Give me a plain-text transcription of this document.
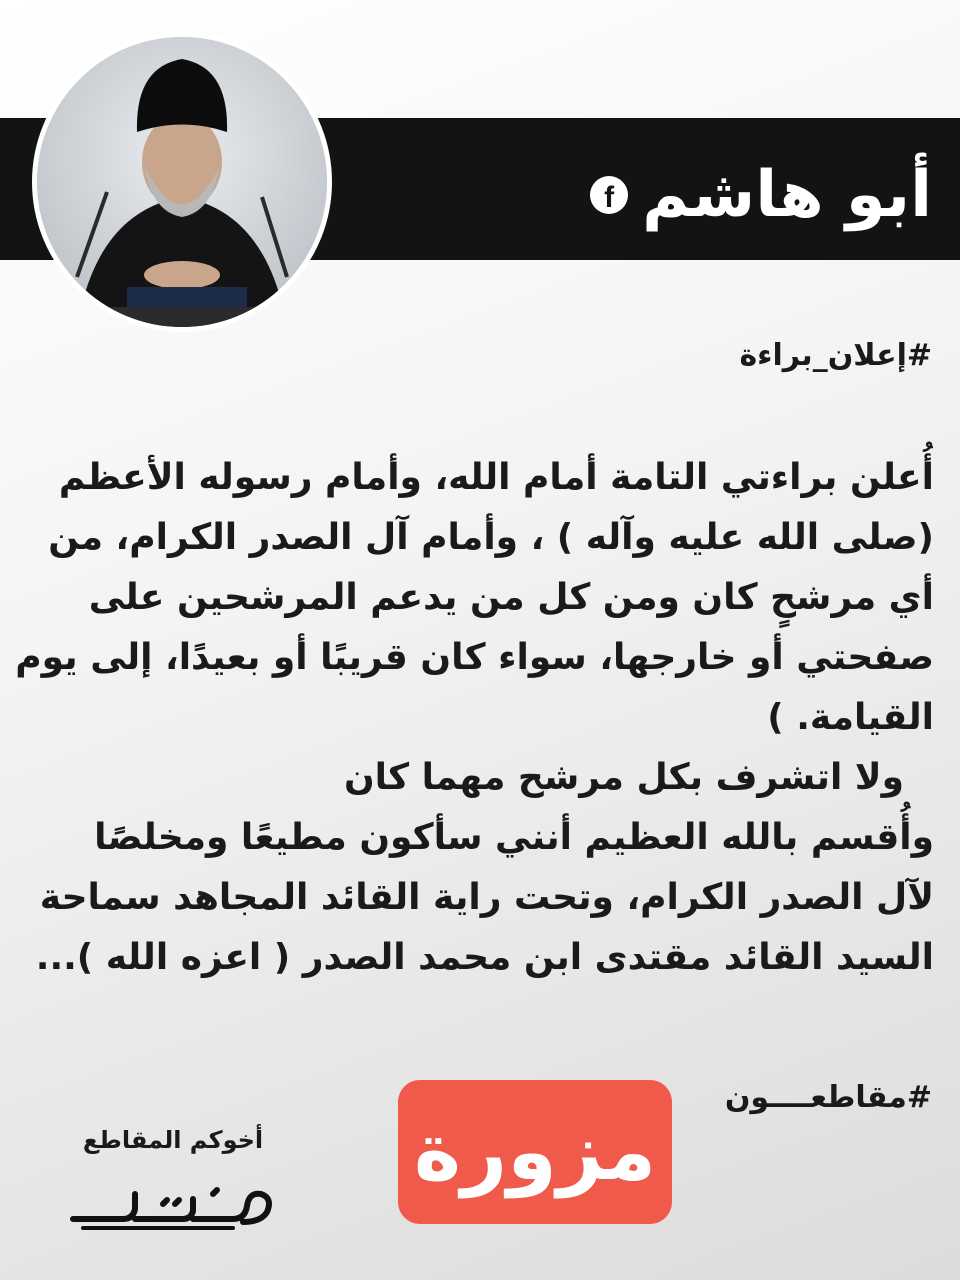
أبو هاشم
f
#إعلان_براءة

أُعلن براءتي التامة أمام الله، وأمام رسوله الأعظم

(صلى الله عليه وآله ) ، وأمام آل الصدر الكرام، من

أي مرشحٍ كان ومن كل من يدعم المرشحين على

صفحتي أو خارجها، سواء كان قريبًا أو بعيدًا، إلى يوم

القيامة. )

ولا اتشرف بكل مرشح مهما كان

وأُقسم بالله العظيم أنني سأكون مطيعًا ومخلصًا

لآل الصدر الكرام، وتحت راية القائد المجاهد سماحة

السيد القائد مقتدى ابن محمد الصدر ( اعزه الله )...

#مقاطعــــون
مزورة
أخوكم المقاطع
